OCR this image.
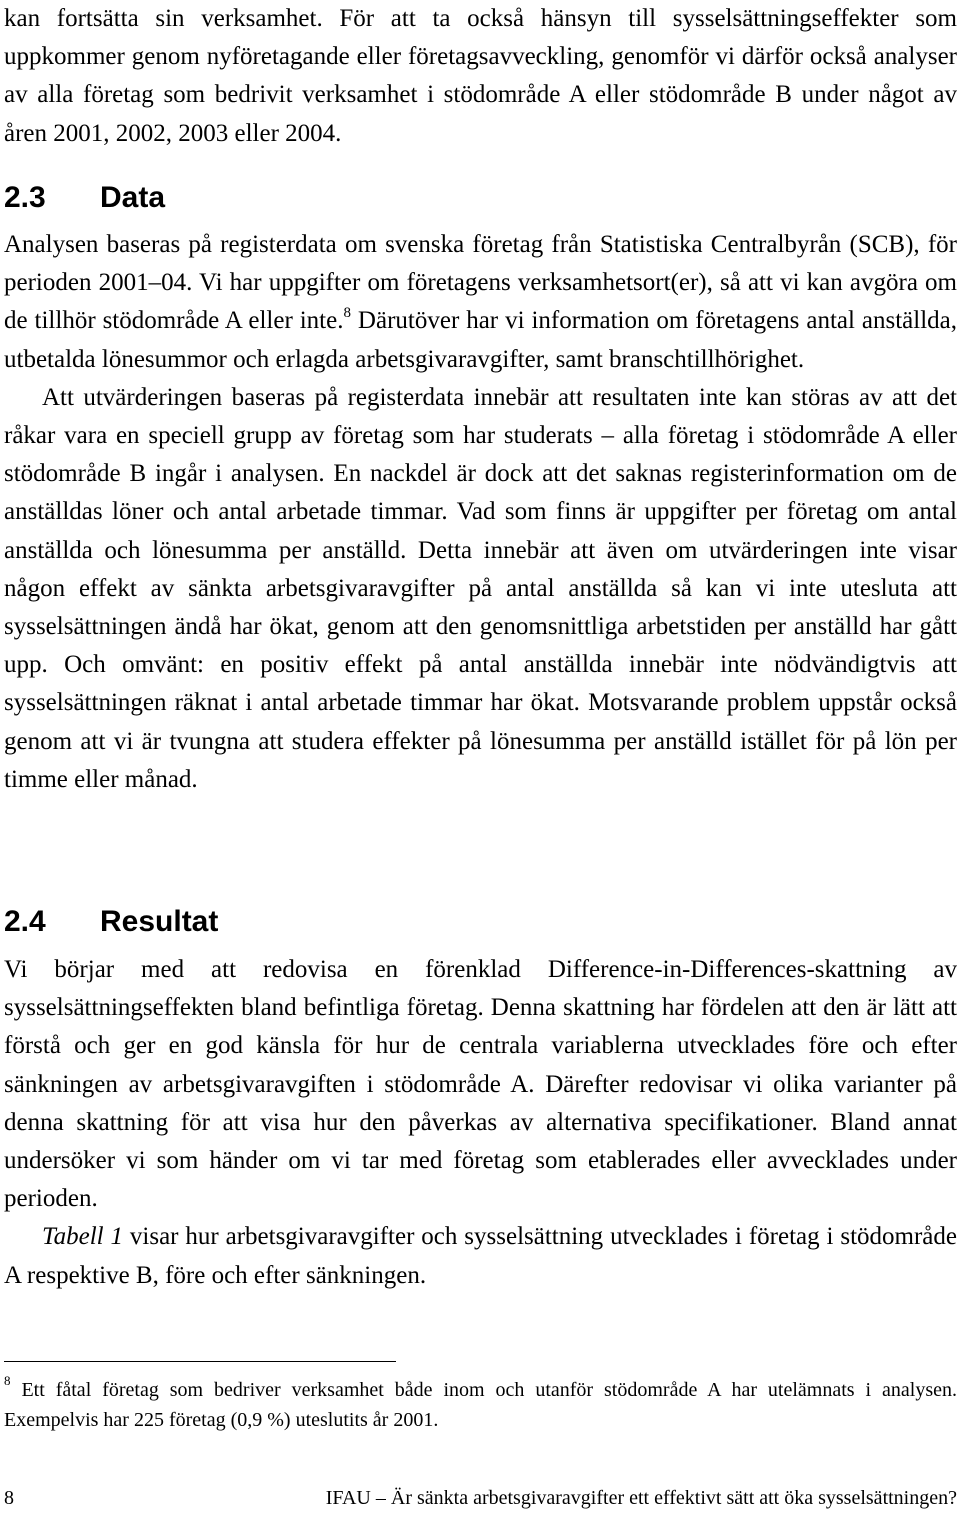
kan fortsätta sin verksamhet. För att ta också hänsyn till sysselsättningseffekter som uppkommer genom nyföretagande eller företagsavveckling, genomför vi därför också analyser av alla företag som bedrivit verksamhet i stödområde A eller stödområde B under något av åren 2001, 2002, 2003 eller 2004.

2.3 Data

Analysen baseras på registerdata om svenska företag från Statistiska Centralbyrån (SCB), för perioden 2001–04. Vi har uppgifter om företagens verksamhetsort(er), så att vi kan avgöra om de tillhör stödområde A eller inte.$^8$ Därutöver har vi information om företagens antal anställda, utbetalda lönesummor och erlagda arbetsgivaravgifter, samt branschtillhörighet.

Att utvärderingen baseras på registerdata innebär att resultaten inte kan störas av att det råkar vara en speciell grupp av företag som har studerats – alla företag i stödområde A eller stödområde B ingår i analysen. En nackdel är dock att det saknas registerinformation om de anställdas löner och antal arbetade timmar. Vad som finns är uppgifter per företag om antal anställda och lönesumma per anställd. Detta innebär att även om utvärderingen inte visar någon effekt av sänkta arbetsgivaravgifter på antal anställda så kan vi inte utesluta att sysselsättningen ändå har ökat, genom att den genomsnittliga arbetstiden per anställd har gått upp. Och omvänt: en positiv effekt på antal anställda innebär inte nödvändigtvis att sysselsättningen räknat i antal arbetade timmar har ökat. Motsvarande problem uppstår också genom att vi är tvungna att studera effekter på lönesumma per anställd istället för på lön per timme eller månad.

2.4 Resultat

Vi börjar med att redovisa en förenklad Difference-in-Differences-skattning av sysselsättningseffekten bland befintliga företag. Denna skattning har fördelen att den är lätt att förstå och ger en god känsla för hur de centrala variablerna utvecklades före och efter sänkningen av arbetsgivaravgiften i stödområde A. Därefter redovisar vi olika varianter på denna skattning för att visa hur den påverkas av alternativa specifikationer. Bland annat undersöker vi som händer om vi tar med företag som etablerades eller avvecklades under perioden.

Tabell 1 visar hur arbetsgivaravgifter och sysselsättning utvecklades i företag i stödområde A respektive B, före och efter sänkningen.

$^8$ Ett fåtal företag som bedriver verksamhet både inom och utanför stödområde A har utelämnats i analysen. Exempelvis har 225 företag (0,9 %) uteslutits år 2001.

8	IFAU – Är sänkta arbetsgivaravgifter ett effektivt sätt att öka sysselsättningen?
